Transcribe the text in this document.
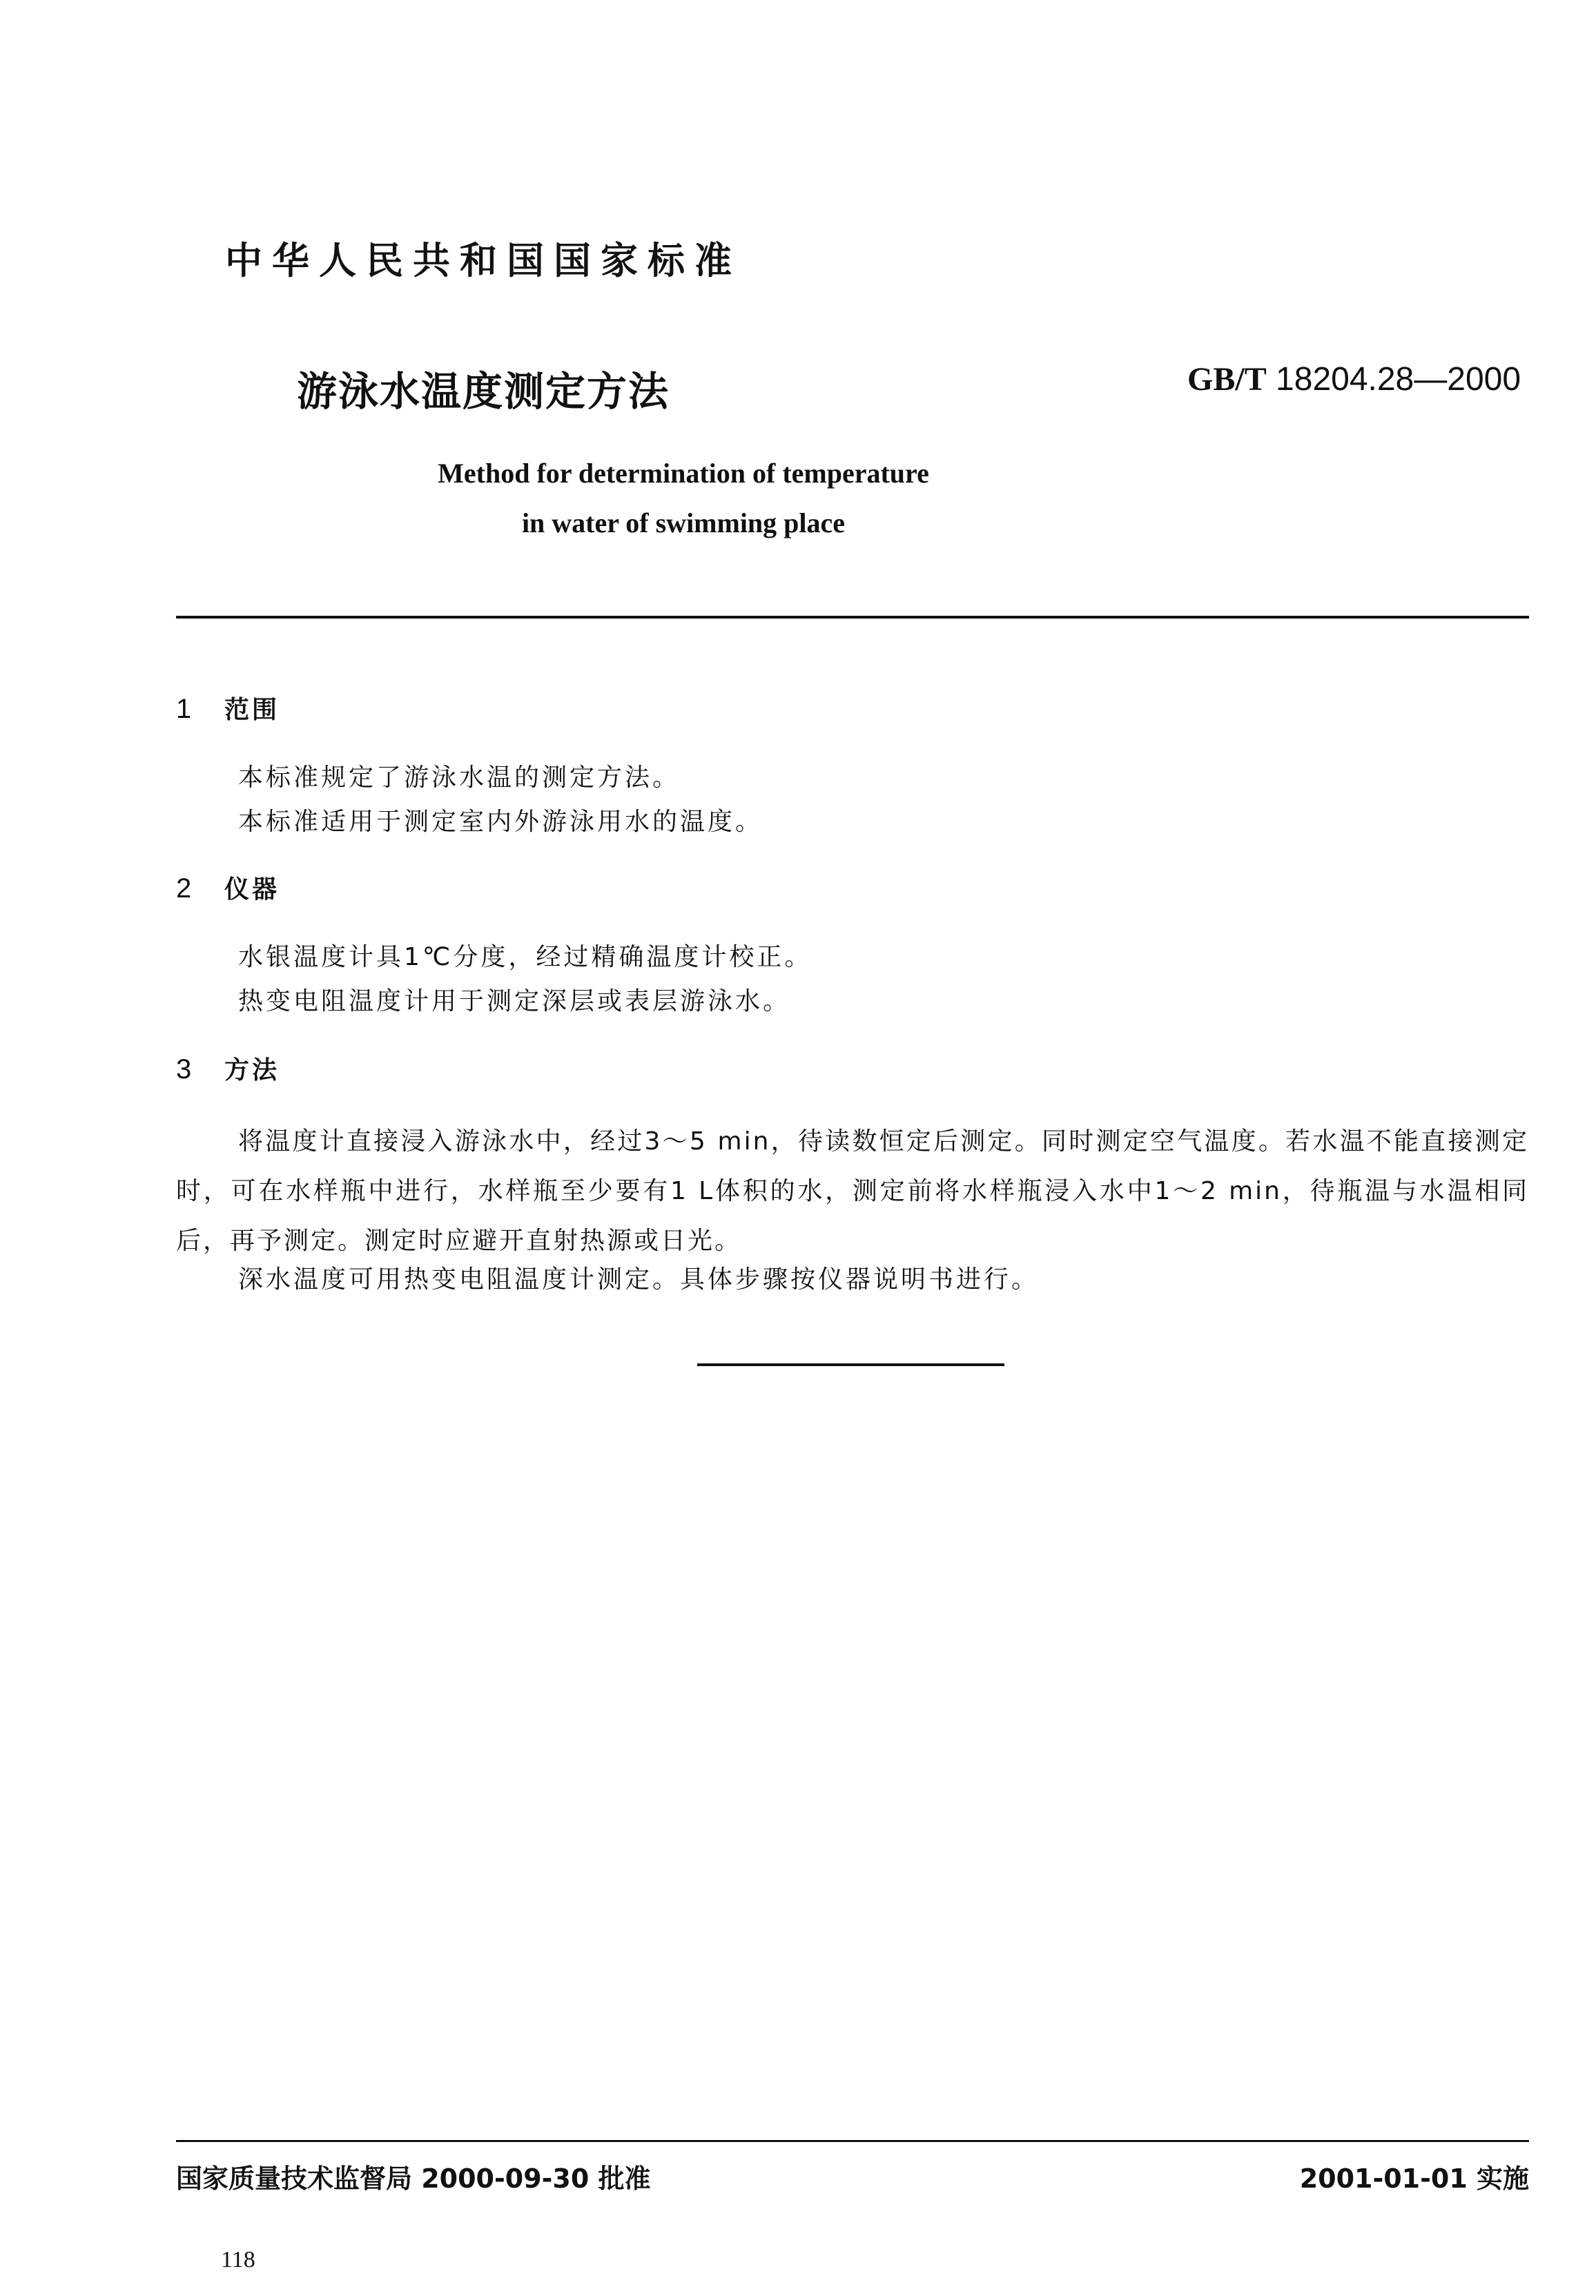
中华人民共和国国家标准
游泳水温度测定方法	GB/T 18204.28—2000
Method for determination of temperature
in water of swimming place
1 范围
本标准规定了游泳水温的测定方法。
本标准适用于测定室内外游泳用水的温度。
2 仪器
水银温度计具1℃分度，经过精确温度计校正。
热变电阻温度计用于测定深层或表层游泳水。
3 方法
将温度计直接浸入游泳水中，经过3～5 min，待读数恒定后测定。同时测定空气温度。若水温不能直接测定时，可在水样瓶中进行，水样瓶至少要有1 L体积的水，测定前将水样瓶浸入水中1～2 min，待瓶温与水温相同后，再予测定。测定时应避开直射热源或日光。
深水温度可用热变电阻温度计测定。具体步骤按仪器说明书进行。
国家质量技术监督局 2000-09-30 批准	2001-01-01 实施
118
